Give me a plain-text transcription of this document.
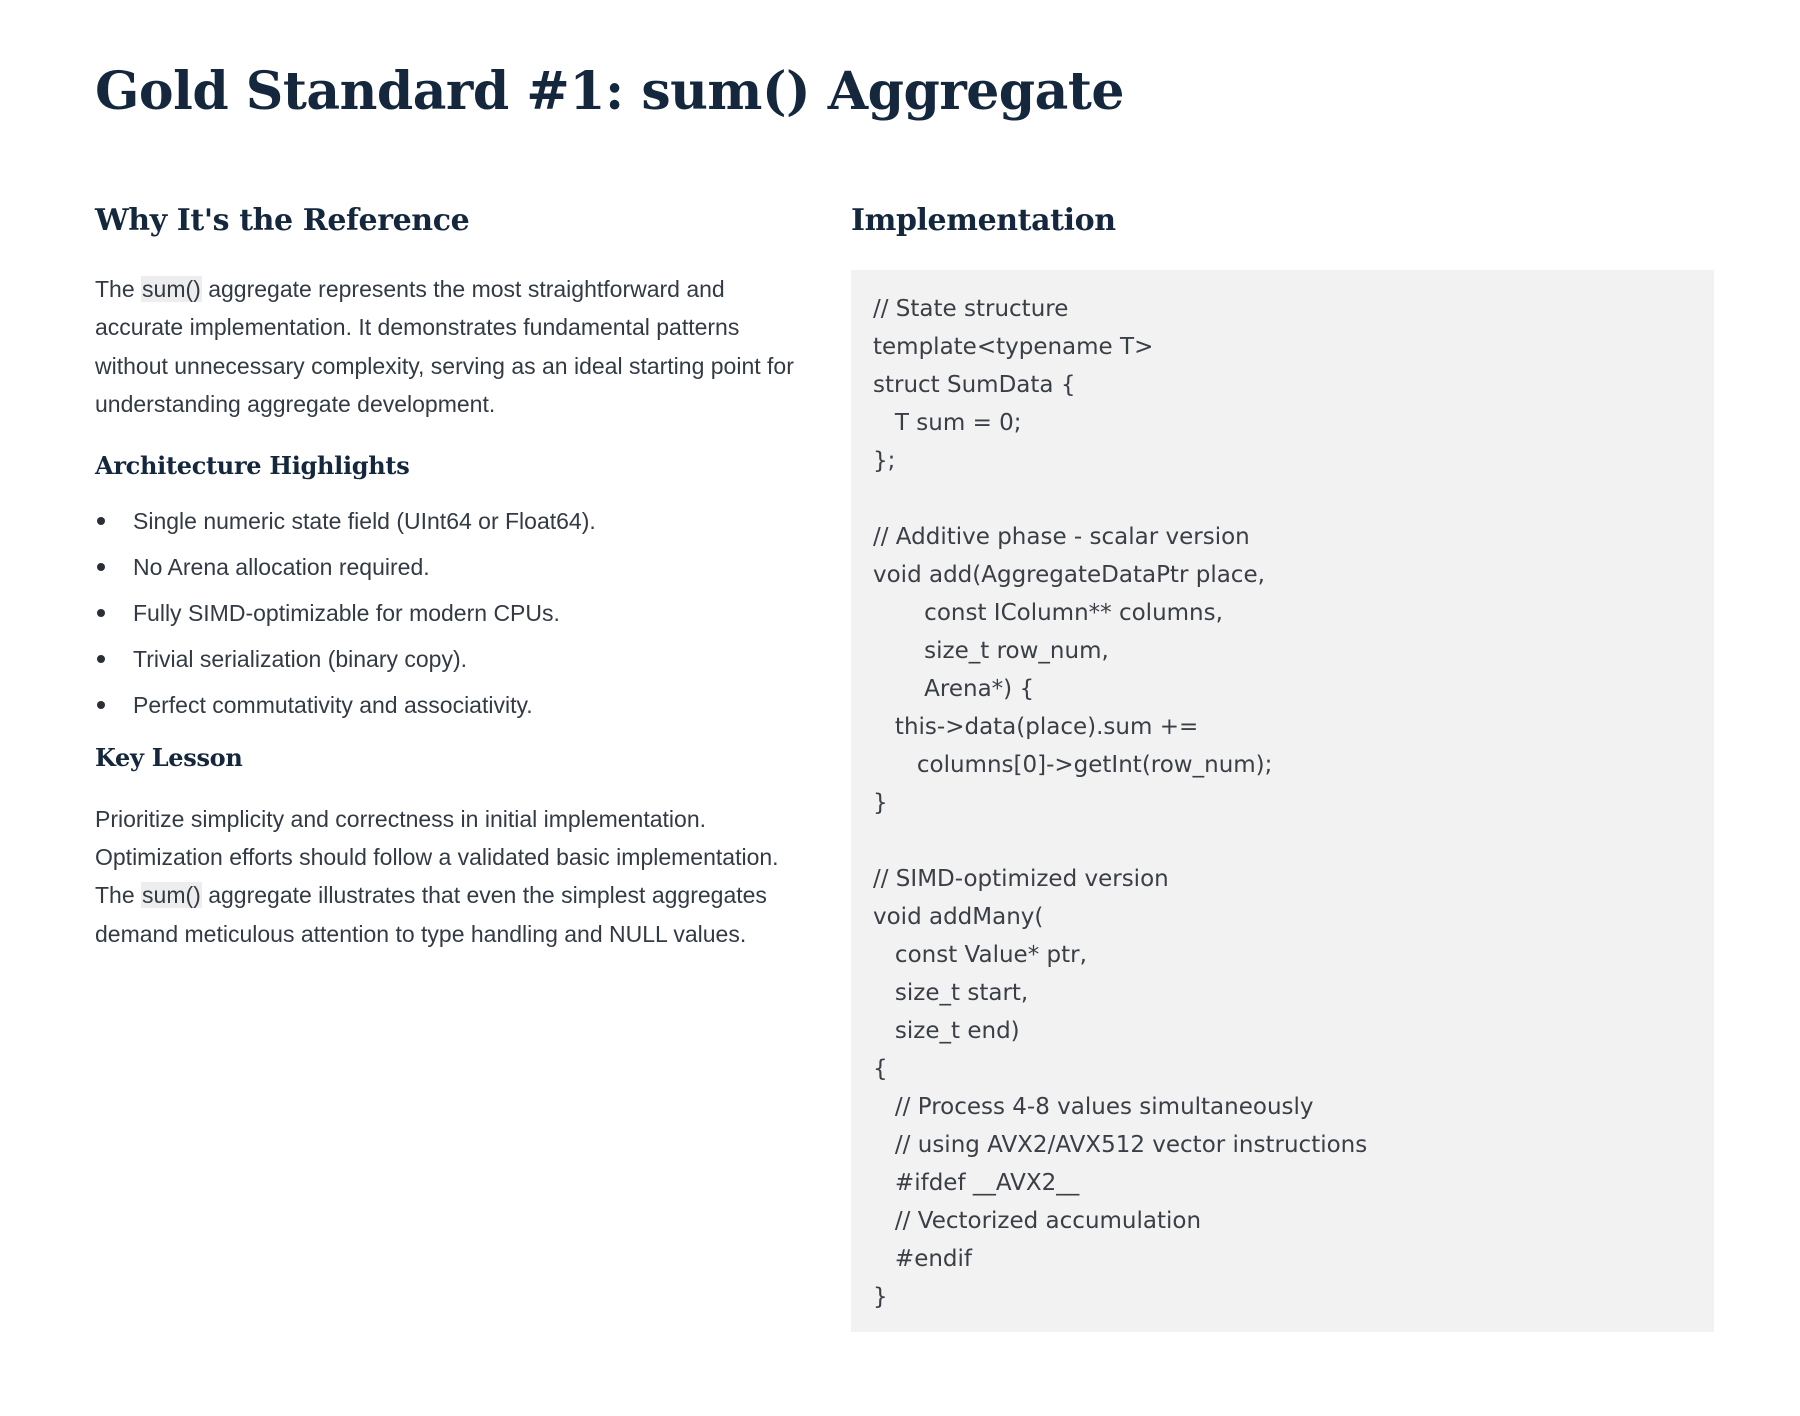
Gold Standard #1: sum() Aggregate
Why It's the Reference

The sum() aggregate represents the most straightforward and accurate implementation. It demonstrates fundamental patterns without unnecessary complexity, serving as an ideal starting point for understanding aggregate development.

Architecture Highlights
Single numeric state field (UInt64 or Float64).
No Arena allocation required.
Fully SIMD-optimizable for modern CPUs.
Trivial serialization (binary copy).
Perfect commutativity and associativity.
Key Lesson

Prioritize simplicity and correctness in initial implementation. Optimization efforts should follow a validated basic implementation. The sum() aggregate illustrates that even the simplest aggregates demand meticulous attention to type handling and NULL values.

Implementation
// State structure
template<typename T>
struct SumData {
T sum = 0;
};
// Additive phase - scalar version
void add(AggregateDataPtr place,
const IColumn** columns,
size_t row_num,
Arena*) {
this->data(place).sum +=
columns[0]->getInt(row_num);
}
// SIMD-optimized version
void addMany(
const Value* ptr,
size_t start,
size_t end)
{
// Process 4-8 values simultaneously
// using AVX2/AVX512 vector instructions
#ifdef __AVX2__
// Vectorized accumulation
#endif
}
